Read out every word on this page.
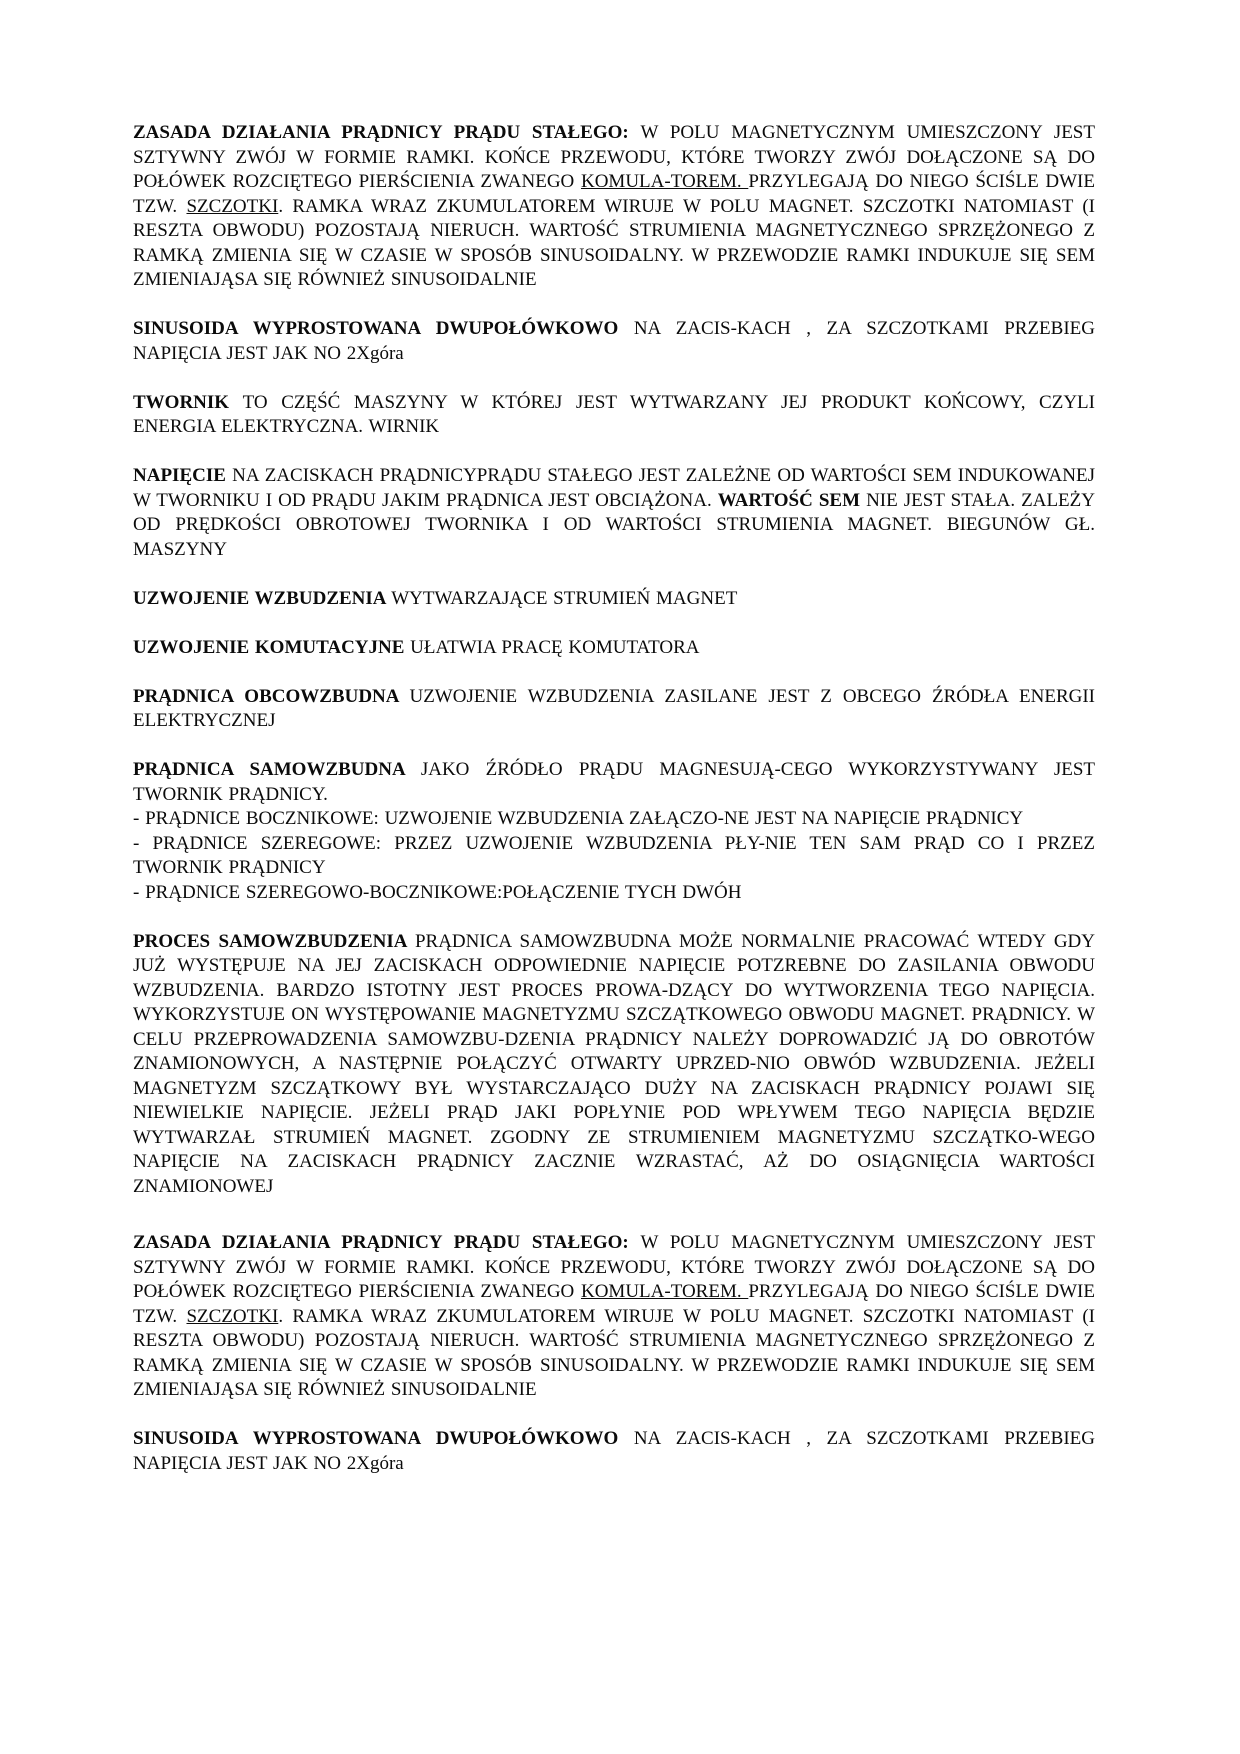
ZASADA DZIAŁANIA PRĄDNICY PRĄDU STAŁEGO: W POLU MAGNETYCZNYM UMIESZCZONY JEST SZTYWNY ZWÓJ W FORMIE RAMKI. KOŃCE PRZEWODU, KTÓRE TWORZY ZWÓJ DOŁĄCZONE SĄ DO POŁÓWEK ROZCIĘTEGO PIERŚCIENIA ZWANEGO KOMULA-TOREM. PRZYLEGAJĄ DO NIEGO ŚCIŚLE DWIE TZW. SZCZOTKI. RAMKA WRAZ ZKUMULATOREM WIRUJE W POLU MAGNET. SZCZOTKI NATOMIAST (I RESZTA OBWODU) POZOSTAJĄ NIERUCH. WARTOŚĆ STRUMIENIA MAGNETYCZNEGO SPRZĘŻONEGO Z RAMKĄ ZMIENIA SIĘ W CZASIE W SPOSÓB SINUSOIDALNY. W PRZEWODZIE RAMKI INDUKUJE SIĘ SEM ZMIENIAJĄSA SIĘ RÓWNIEŻ SINUSOIDALNIE

SINUSOIDA WYPROSTOWANA DWUPOŁÓWKOWO NA ZACIS-KACH , ZA SZCZOTKAMI PRZEBIEG NAPIĘCIA JEST JAK NO 2Xgóra

TWORNIK TO CZĘŚĆ MASZYNY W KTÓREJ JEST WYTWARZANY JEJ PRODUKT KOŃCOWY, CZYLI ENERGIA ELEKTRYCZNA. WIRNIK

NAPIĘCIE NA ZACISKACH PRĄDNICYPRĄDU STAŁEGO JEST ZALEŻNE OD WARTOŚCI SEM INDUKOWANEJ W TWORNIKU I OD PRĄDU JAKIM PRĄDNICA JEST OBCIĄŻONA. WARTOŚĆ SEM NIE JEST STAŁA. ZALEŻY OD PRĘDKOŚCI OBROTOWEJ TWORNIKA I OD WARTOŚCI STRUMIENIA MAGNET. BIEGUNÓW GŁ. MASZYNY

UZWOJENIE WZBUDZENIA WYTWARZAJĄCE STRUMIEŃ MAGNET

UZWOJENIE KOMUTACYJNE UŁATWIA PRACĘ KOMUTATORA

PRĄDNICA OBCOWZBUDNA UZWOJENIE WZBUDZENIA ZASILANE JEST Z OBCEGO ŹRÓDŁA ENERGII ELEKTRYCZNEJ

PRĄDNICA SAMOWZBUDNA JAKO ŹRÓDŁO PRĄDU MAGNESUJĄ-CEGO WYKORZYSTYWANY JEST TWORNIK PRĄDNICY.
- PRĄDNICE BOCZNIKOWE: UZWOJENIE WZBUDZENIA ZAŁĄCZO-NE JEST NA NAPIĘCIE PRĄDNICY
- PRĄDNICE SZEREGOWE: PRZEZ UZWOJENIE WZBUDZENIA PŁY-NIE TEN SAM PRĄD CO I PRZEZ TWORNIK PRĄDNICY
- PRĄDNICE SZEREGOWO-BOCZNIKOWE:POŁĄCZENIE TYCH DWÓH

PROCES SAMOWZBUDZENIA PRĄDNICA SAMOWZBUDNA MOŻE NORMALNIE PRACOWAĆ WTEDY GDY JUŻ WYSTĘPUJE NA JEJ ZACISKACH ODPOWIEDNIE NAPIĘCIE POTZREBNE DO ZASILANIA OBWODU WZBUDZENIA. BARDZO ISTOTNY JEST PROCES PROWA-DZĄCY DO WYTWORZENIA TEGO NAPIĘCIA. WYKORZYSTUJE ON WYSTĘPOWANIE MAGNETYZMU SZCZĄTKOWEGO OBWODU MAGNET. PRĄDNICY. W CELU PRZEPROWADZENIA SAMOWZBU-DZENIA PRĄDNICY NALEŻY DOPROWADZIĆ JĄ DO OBROTÓW ZNAMIONOWYCH, A NASTĘPNIE POŁĄCZYĆ OTWARTY UPRZED-NIO OBWÓD WZBUDZENIA. JEŻELI MAGNETYZM SZCZĄTKOWY BYŁ WYSTARCZAJĄCO DUŻY NA ZACISKACH PRĄDNICY POJAWI SIĘ NIEWIELKIE NAPIĘCIE. JEŻELI PRĄD JAKI POPŁYNIE POD WPŁYWEM TEGO NAPIĘCIA BĘDZIE WYTWARZAŁ STRUMIEŃ MAGNET. ZGODNY ZE STRUMIENIEM MAGNETYZMU SZCZĄTKO-WEGO NAPIĘCIE NA ZACISKACH PRĄDNICY ZACZNIE WZRASTAĆ, AŻ DO OSIĄGNIĘCIA WARTOŚCI ZNAMIONOWEJ

ZASADA DZIAŁANIA PRĄDNICY PRĄDU STAŁEGO: W POLU MAGNETYCZNYM UMIESZCZONY JEST SZTYWNY ZWÓJ W FORMIE RAMKI. KOŃCE PRZEWODU, KTÓRE TWORZY ZWÓJ DOŁĄCZONE SĄ DO POŁÓWEK ROZCIĘTEGO PIERŚCIENIA ZWANEGO KOMULA-TOREM. PRZYLEGAJĄ DO NIEGO ŚCIŚLE DWIE TZW. SZCZOTKI. RAMKA WRAZ ZKUMULATOREM WIRUJE W POLU MAGNET. SZCZOTKI NATOMIAST (I RESZTA OBWODU) POZOSTAJĄ NIERUCH. WARTOŚĆ STRUMIENIA MAGNETYCZNEGO SPRZĘŻONEGO Z RAMKĄ ZMIENIA SIĘ W CZASIE W SPOSÓB SINUSOIDALNY. W PRZEWODZIE RAMKI INDUKUJE SIĘ SEM ZMIENIAJĄSA SIĘ RÓWNIEŻ SINUSOIDALNIE

SINUSOIDA WYPROSTOWANA DWUPOŁÓWKOWO NA ZACIS-KACH , ZA SZCZOTKAMI PRZEBIEG NAPIĘCIA JEST JAK NO 2Xgóra
